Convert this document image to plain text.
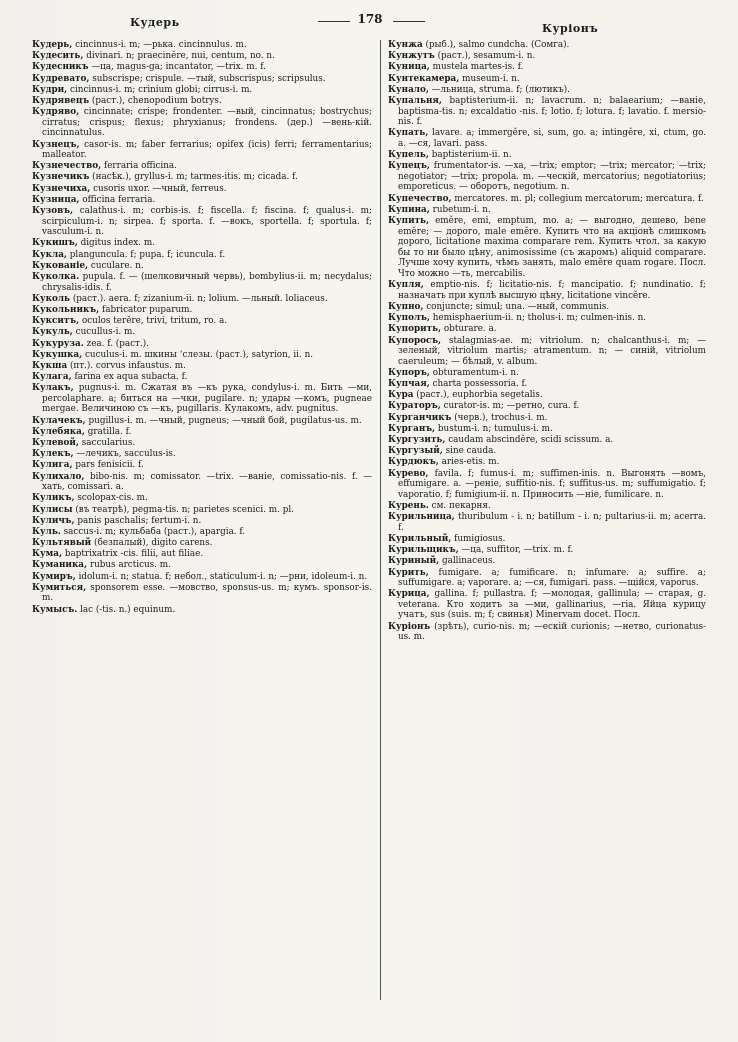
Кудерь	178
Куріонъ

Кудерь, cincinnus-i. m; —рька. cincinnulus. m.

Кудесить, divinari. n; praecinĕre, nui, centum, no. n.

Кудесникъ —ца, magus-ga; incantator, —trix. m. f.

Кудреватo, subscrispe; crispule. —тый, subscrispus; scripsulus.

Кудри, cincinnus-i. m; crinium globi; cirrus-i. m.

Кудрявецъ (раст.), chenopodium botrys.

Кудряво, cincinnate; crispe; frondenter. —вый, cincinnatus; bostrychus; cirratus; crispus; flexus; phryxianus; frondens. (дер.) —вень-кій. cincinnatulus.

Кузнецъ, casor-is. m; faber ferrarius; opifex (icis) ferri; ferramentarius; malleator.

Кузнечество, ferraria officina.

Кузнечикъ (насѣк.), gryllus-i. m; tarmes-itis. m; cicada. f.

Кузнечиха, cusoris uxor. —чный, ferreus.

Кузница, officina ferraria.

Кузовъ, calathus-i. m; corbis-is. f; fiscella. f; fiscina. f; qualus-i. m; scirpiculum-i. n; sirpea. f; sporta. f. —вокъ, sportella. f; sportula. f; vasculum-i. n.

Кукишъ, digitus index. m.

Кукла, plangunculа. f; pupa. f; icuncula. f.

Кукованіе, cuculare. n.

Куколка. pupula. f. — (шелковичный червь), bombylius-ii. m; necydalus; chrysalis-idis. f.

Куколь (раст.). aera. f; zizanium-ii. n; lolium. —льный. loliaceus.

Кукольникъ, fabricator puparum.

Кукситъ, oculos terĕre, trivi, tritum, ro. a.

Кукуль, cucullus-i. m.

Кукуруза. zea. f. (раст.).

Кукушка, cuculus-i. m. шкины ʻслезы. (раст.), satyrion, ii. n.

Кукша (пт.). corvus infaustus. m.

Кулага, farina ex aqua subacta. f.

Кулакъ, pugnus-i. m. Сжатая въ —къ рука, condylus-i. m. Бить —ми, percolaphare. a; биться на —чки, pugilare. n; удары —комъ, pugneae mergae. Величиною съ —къ, pugillaris. Кулакомъ, adv. pugnitus.

Кулачекъ, pugillus-i. m. —чный, pugneus; —чный бой, pugilatus-us. m.

Кулебяка, gratilla. f.

Кулевой, saccularius.

Кулекъ, —лечикъ, sacculus-is.

Кулига, pars fenisicii. f.

Кулихало, bibo-nis. m; comissator. —trix. —ваніе, comissatio-nis. f. —хать, comissari. a.

Куликъ, scolopax-cis. m.

Кулисы (въ театрѣ), pegma-tis. n; parietes scenici. m. pl.

Куличъ, panis paschalis; fertum-i. n.

Куль. saccus-i. m; кульбаба (раст.), apargia. f.

Культявый (безпалый), digito carens.

Кума, baptrixatrix -cis. filii, aut filiae.

Куманика, rubus arcticus. m.

Кумиръ, idolum-i. n; statua. f; небол., staticulum-i. n; —рни, idoleum-i. n.

Кумиться, sponsorem esse. —мовство, sponsus-us. m; кумъ. sponsor-is. m.

Кумысъ. lac (-tis. n.) equinum.

Кунжа (рыб.), salmo cundcha. (Сомга).

Кунжутъ (раст.), sesamum-i. n.

Куница, mustela martes-is. f.

Кунтекамера, museum-i. n.

Кунало, —льница, struma. f; (лютикъ).

Купальня, baptisterium-ii. n; lavacrum. n; balaearium; —ваніе, baptisma-tis. n; excaldatio -nis. f; lotio. f; lotura. f; lavatio. f. mersio-nis. f.

Купать, lavare. a; immergĕre, si, sum, go. a; intingĕre, xi, ctum, go. a. —ся, lavari. pass.

Купель, baptisterium-ii. n.

Купецъ, frumentator-is. —ха, —trix; emptor; —trix; mercator; —trix; negotiator; —trix; propola. m. —ческій, mercatorius; negotiatorius; emporeticus. — оборотъ, negotium. n.

Купечество, mercatores. m. pl; collegium mercatorum; mercatura. f.

Купина, rubetum-i. n.

Купить, emĕre, emi, emptum, mo. a; — выгодно, дешево, bene emĕre; — дорого, male emĕre. Купить что на акціонѣ слишкомъ дорого, licitatione maxima comparare rem. Купить чтол. за какую бы то ни было цѣну, animosissime (съ жаромъ) aliquid comparare. Лучше хочу купить, чѣмъ занять, malo emĕre quam rogare. Посл. Что можно —ть, mercabilis.

Купля, emptio-nis. f; licitatio-nis. f; mancipatio. f; nundinatio. f; назначать при куплѣ высшую цѣну, licitatione vincĕre.

Купно, conjuncte; simul; una. —ный, communis.

Куполъ, hemisphaerium-ii. n; tholus-i. m; culmen-inis. n.

Купорить, obturare. a.

Купоросъ, stalagmias-ae. m; vitriolum. n; chalcanthus-i. m; — зеленый, vitriolum martis; atramentum. n; — синій, vitriolum caeruleum; — бѣлый, v. album.

Купоръ, obturamentum-i. n.

Купчая, charta possessoria. f.

Кура (раст.), euphorbia segetalis.

Кураторъ, curator-is. m; —ретно, cura. f.

Курганчикъ (черв.), trochus-i. m.

Курганъ, bustum-i. n; tumulus-i. m.

Кургузить, caudam abscindĕre, scidi scissum. a.

Кургузый, sine cauda.

Курдюкъ, aries-etis. m.

Курево, favila. f; fumus-i. m; suffimen-inis. n. Выгонять —вомъ, effumigare. a. —реніе, suffitio-nis. f; suffitus-us. m; suffumigatio. f; vaporatio. f; fumigium-ii. n. Приносить —ніе, fumilicare. n.

Курень. см. пекарня.

Курильница, thuribulum - i. n; batillum - i. n; pultarius-ii. m; acerra. f.

Курильный, fumigiosus.

Курильщикъ, —ца, suffitor, —trix. m. f.

Куриный, gallinaceus.

Курить, fumigare. a; fumificare. n; infumare. a; suffire. a; suffumigare. a; vaporare. a; —ся, fumigari. pass. —щійся, vaporus.

Курица, gallina. f; pullastra. f; —молодая, gallinula; — старая, g. veterana. Кто ходитъ за —ми, gallinarius, —ria. Яйца курицу учатъ, sus (suis. m; f; свинья) Minervam docet. Посл.

Куріонъ (зрѣть), curio-nis. m; —ескій curionis; —нетво, curionatus-us. m.
